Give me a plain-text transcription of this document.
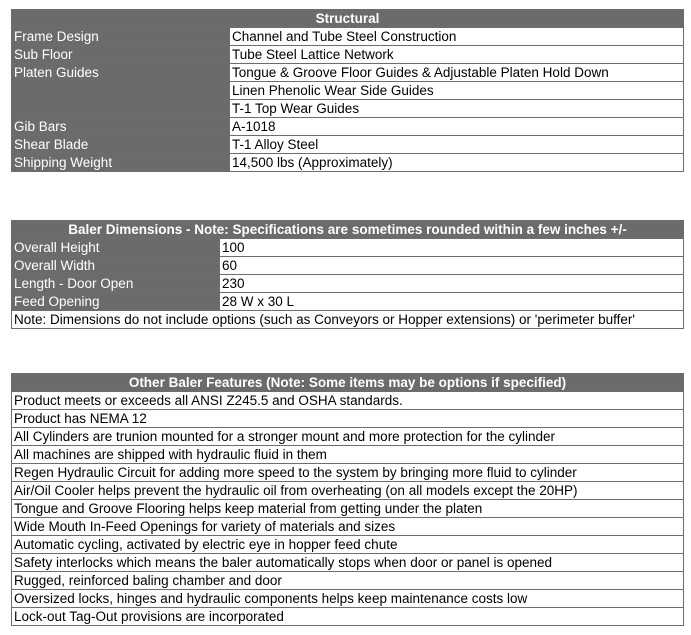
Structural	
Frame Design	Channel and Tube Steel Construction
Sub Floor	Tube Steel Lattice Network
Platen Guides	Tongue & Groove Floor Guides & Adjustable Platen Hold Down
	Linen Phenolic Wear Side Guides
	T-1 Top Wear Guides
Gib Bars	A-1018
Shear Blade	T-1 Alloy Steel
Shipping Weight	14,500 lbs (Approximately)
Baler Dimensions - Note: Specifications are sometimes rounded within a few inches +/-	
Overall Height	100
Overall Width	60
Length - Door Open	230
Feed Opening	28 W x 30 L
Note: Dimensions do not include options (such as Conveyors or Hopper extensions) or 'perimeter buffer'	
Other Baler Features (Note: Some items may be options if specified)
Product meets or exceeds all ANSI Z245.5 and OSHA standards.
Product has NEMA 12
All Cylinders are trunion mounted for a stronger mount and more protection for the cylinder
All machines are shipped with hydraulic fluid in them
Regen Hydraulic Circuit for adding more speed to the system by bringing more fluid to cylinder
Air/Oil Cooler helps prevent the hydraulic oil from overheating (on all models except the 20HP)
Tongue and Groove Flooring helps keep material from getting under the platen
Wide Mouth In-Feed Openings for variety of materials and sizes
Automatic cycling, activated by electric eye in hopper feed chute
Safety interlocks which means the baler automatically stops when door or panel is opened
Rugged, reinforced baling chamber and door
Oversized locks, hinges and hydraulic components helps keep maintenance costs low
Lock-out Tag-Out provisions are incorporated
